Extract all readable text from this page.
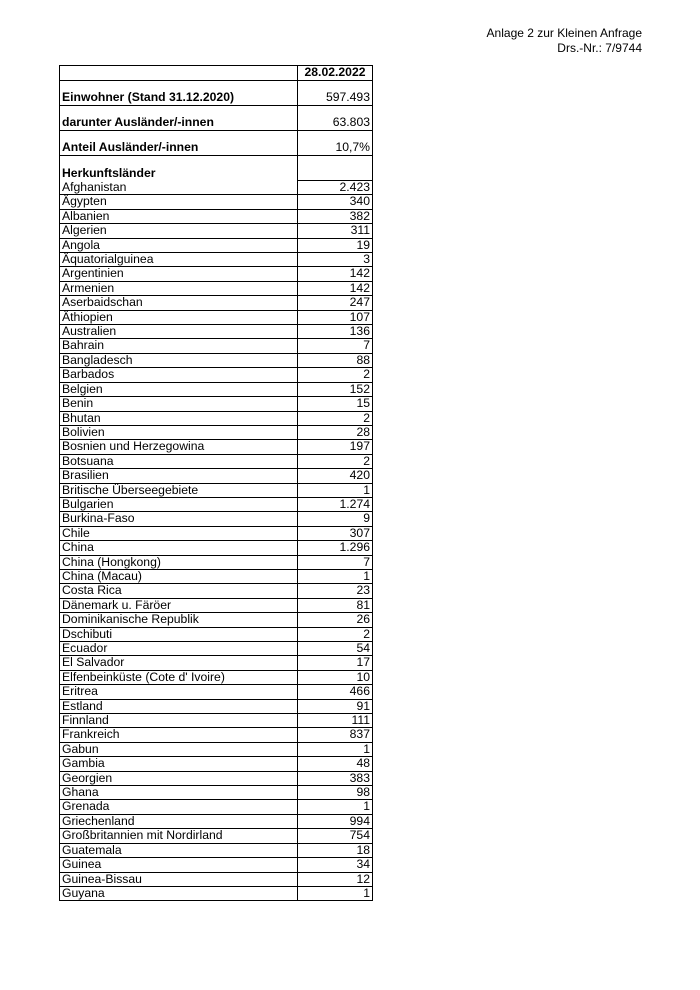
Anlage 2 zur Kleinen Anfrage
Drs.-Nr.: 7/9744
	28.02.2022

Einwohner (Stand 31.12.2020)	597.493

darunter Ausländer/-innen	63.803

Anteil Ausländer/-innen	10,7%

Herkunftsländer	
Afghanistan	2.423
Ägypten	340
Albanien	382
Algerien	311
Angola	19
Äquatorialguinea	3
Argentinien	142
Armenien	142
Aserbaidschan	247
Äthiopien	107
Australien	136
Bahrain	7
Bangladesch	88
Barbados	2
Belgien	152
Benin	15
Bhutan	2
Bolivien	28
Bosnien und Herzegowina	197
Botsuana	2
Brasilien	420
Britische Überseegebiete	1
Bulgarien	1.274
Burkina-Faso	9
Chile	307
China	1.296
China (Hongkong)	7
China (Macau)	1
Costa Rica	23
Dänemark u. Färöer	81
Dominikanische Republik	26
Dschibuti	2
Ecuador	54
El Salvador	17
Elfenbeinküste (Cote d' Ivoire)	10
Eritrea	466
Estland	91
Finnland	111
Frankreich	837
Gabun	1
Gambia	48
Georgien	383
Ghana	98
Grenada	1
Griechenland	994
Großbritannien mit Nordirland	754
Guatemala	18
Guinea	34
Guinea-Bissau	12
Guyana	1
